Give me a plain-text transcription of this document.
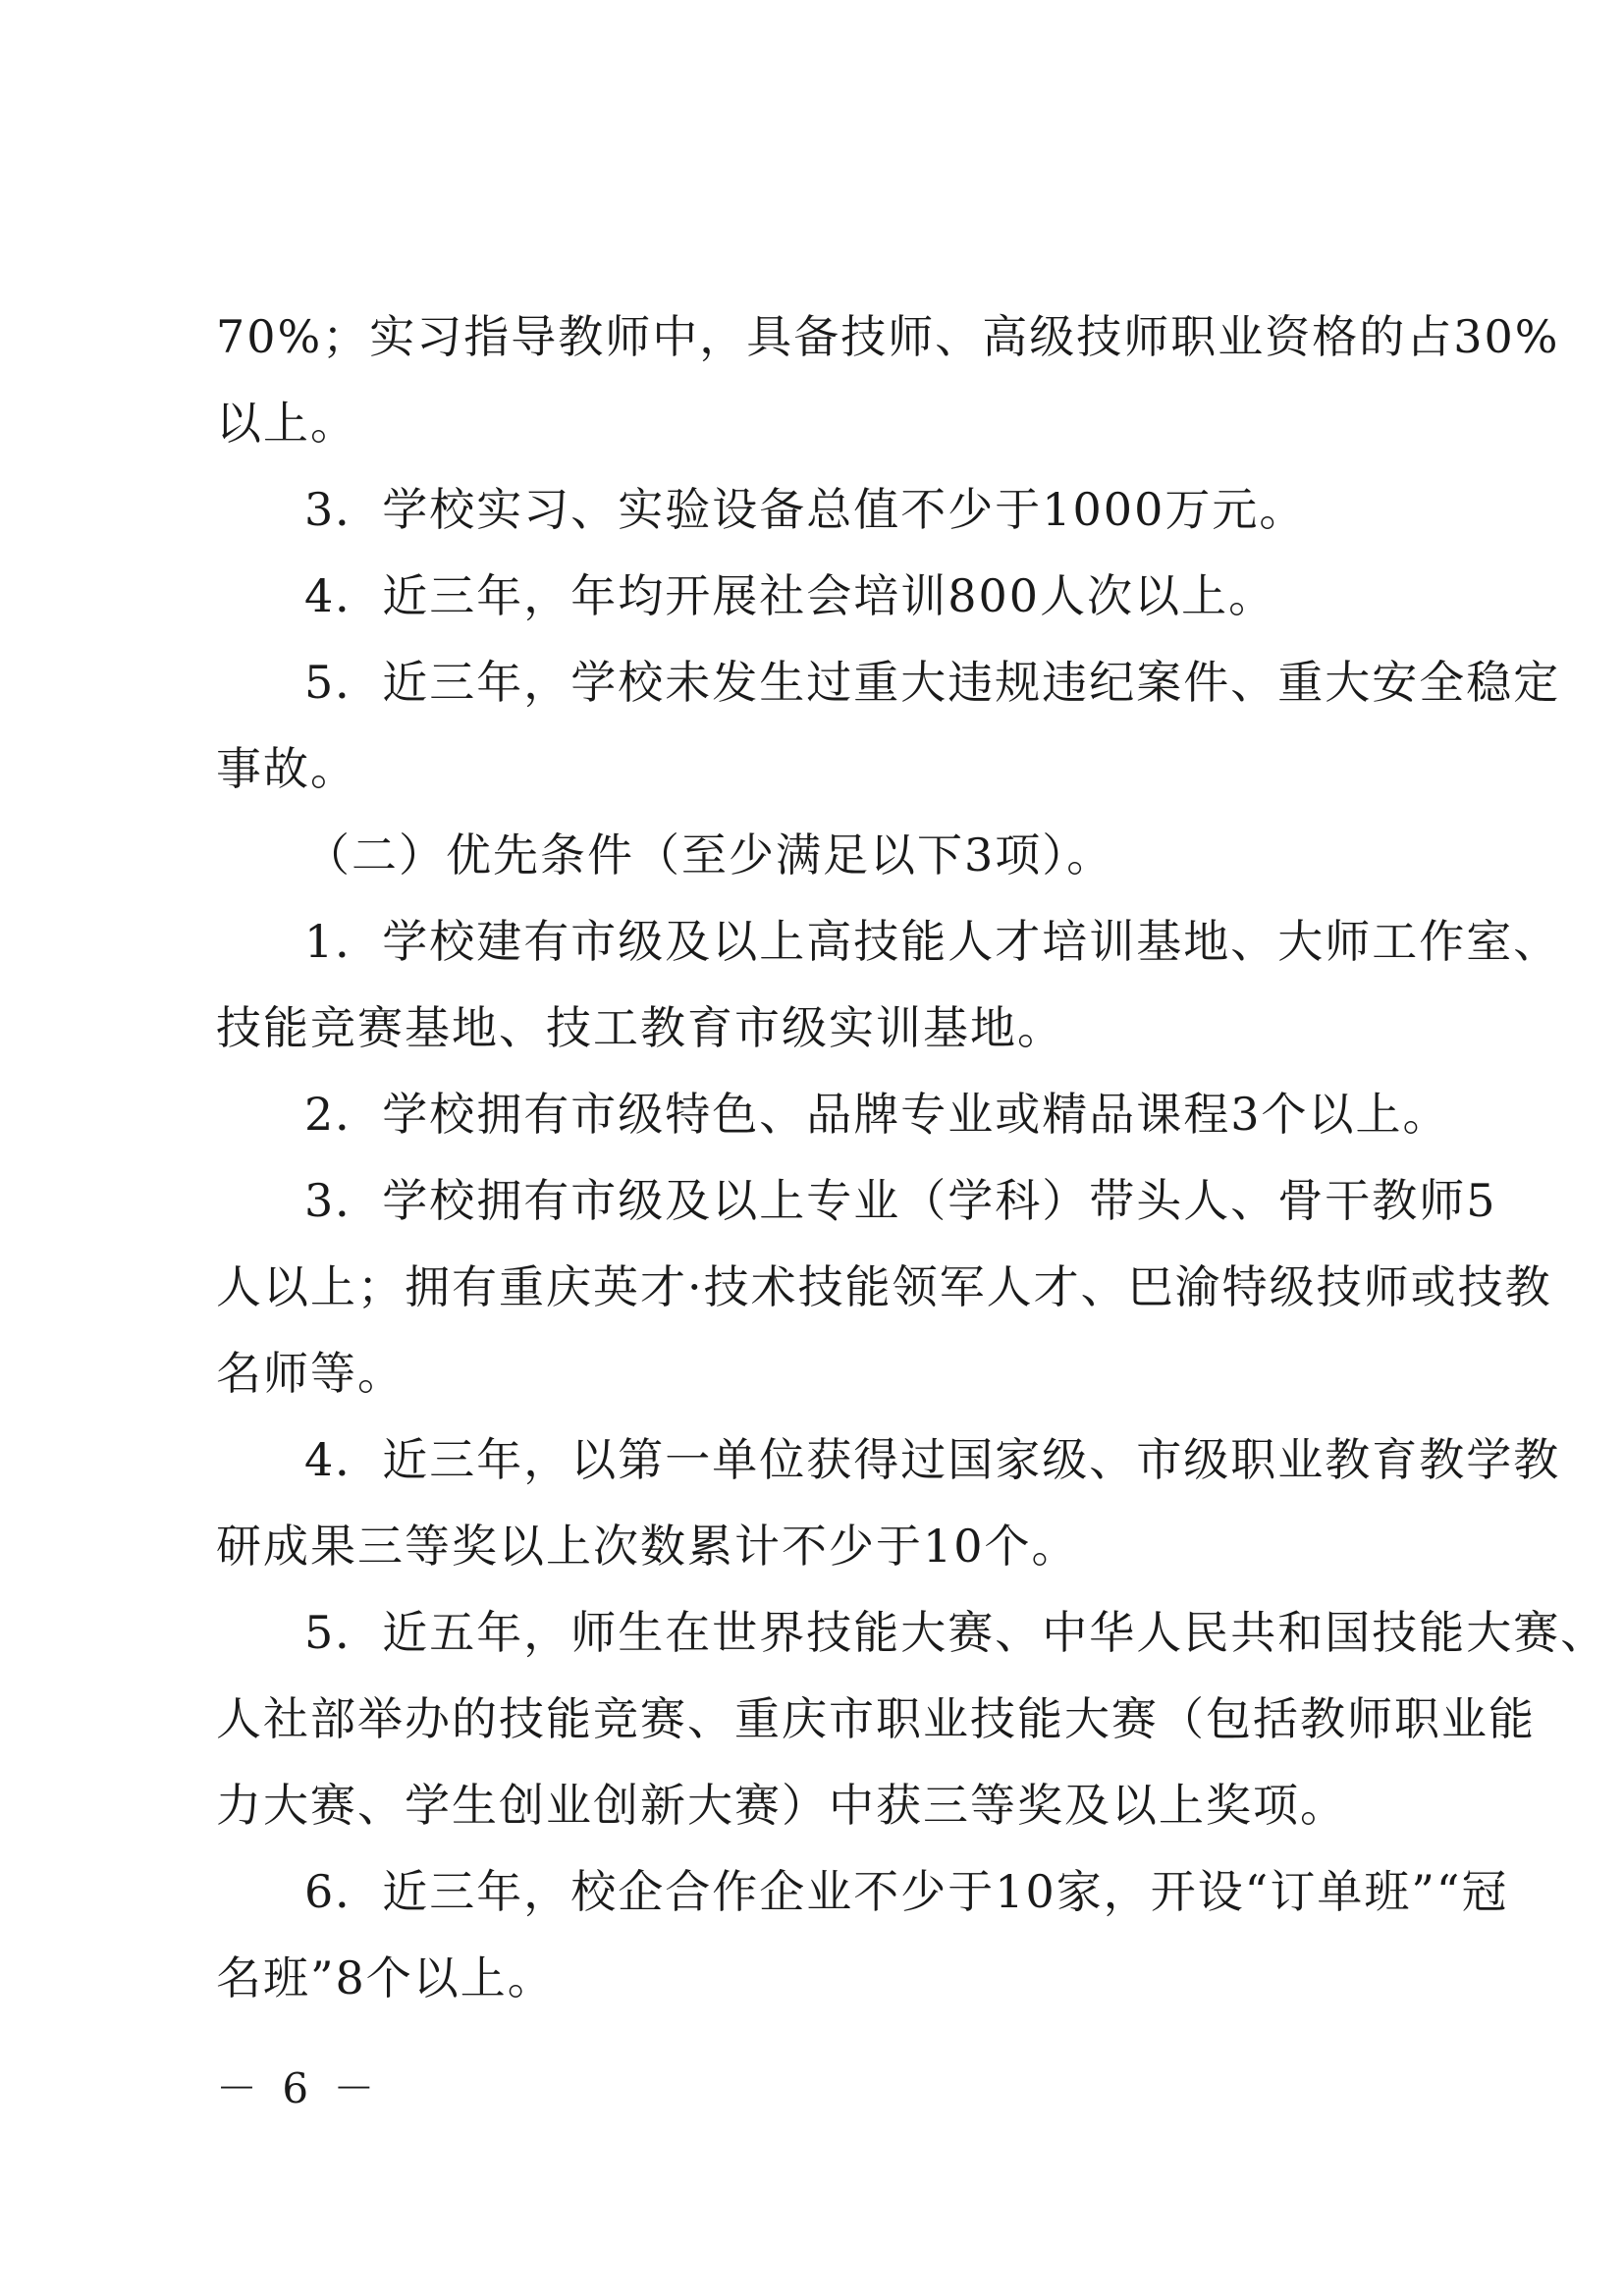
70%；实习指导教师中，具备技师、高级技师职业资格的占30%
以上。
3．学校实习、实验设备总值不少于1000万元。
4．近三年，年均开展社会培训800人次以上。
5．近三年，学校未发生过重大违规违纪案件、重大安全稳定
事故。
（二）优先条件（至少满足以下3项）。
1．学校建有市级及以上高技能人才培训基地、大师工作室、
技能竞赛基地、技工教育市级实训基地。
2．学校拥有市级特色、品牌专业或精品课程3个以上。
3．学校拥有市级及以上专业（学科）带头人、骨干教师5
人以上；拥有重庆英才·技术技能领军人才、巴渝特级技师或技教
名师等。
4．近三年，以第一单位获得过国家级、市级职业教育教学教
研成果三等奖以上次数累计不少于10个。
5．近五年，师生在世界技能大赛、中华人民共和国技能大赛、
人社部举办的技能竞赛、重庆市职业技能大赛（包括教师职业能
力大赛、学生创业创新大赛）中获三等奖及以上奖项。
6．近三年，校企合作企业不少于10家，开设“订单班”“冠
名班”8个以上。
－ 6 －
